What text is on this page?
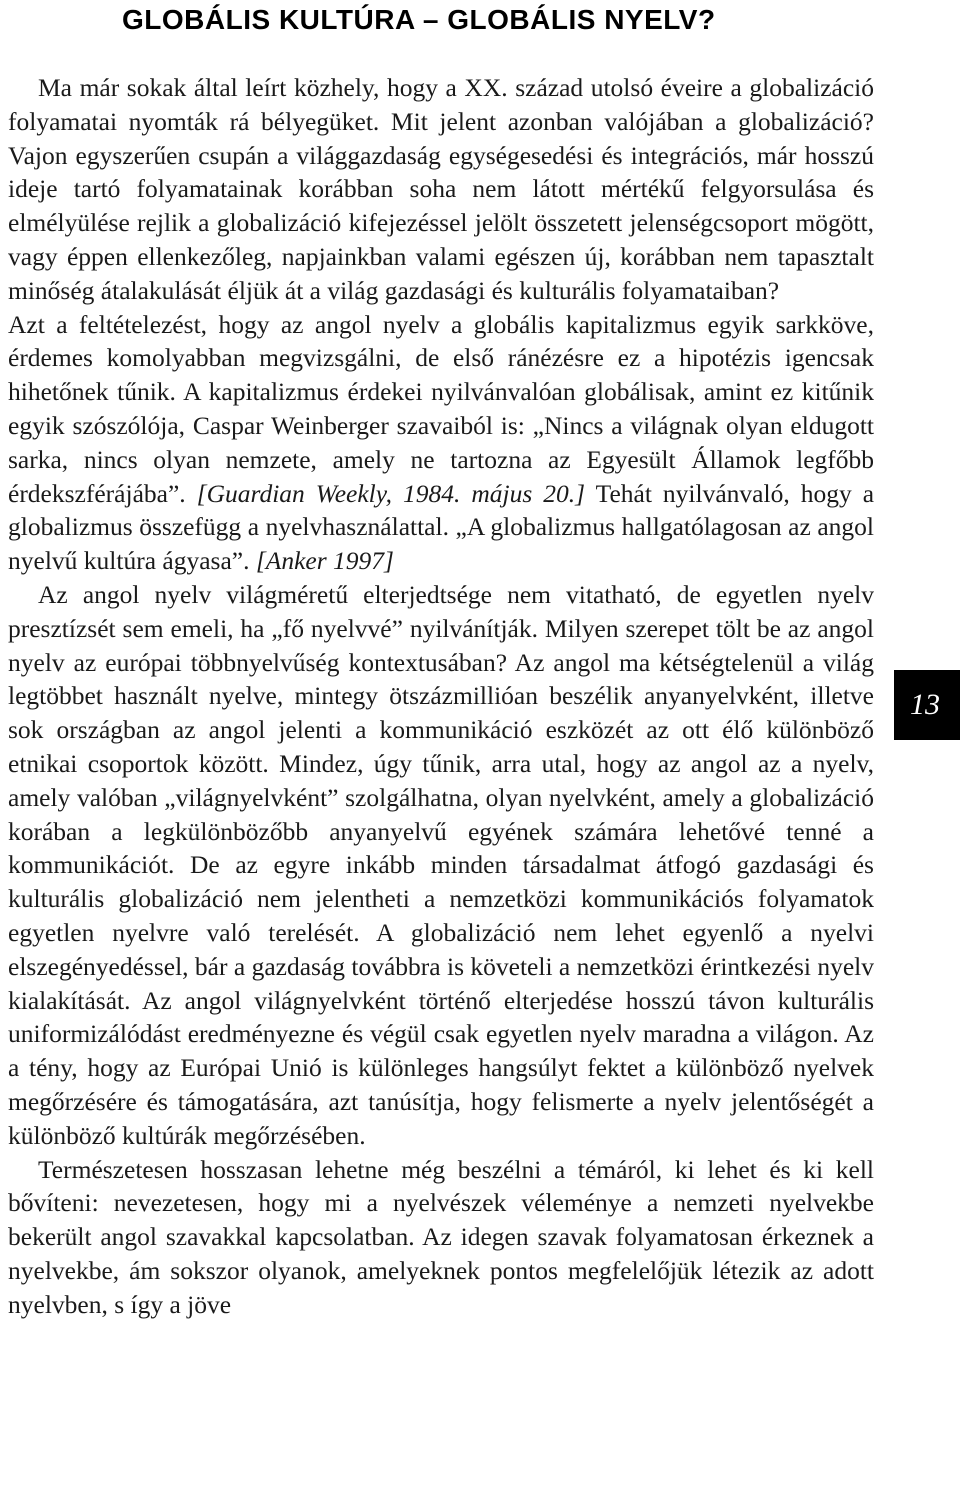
GLOBÁLIS KULTÚRA – GLOBÁLIS NYELV?

Ma már sokak által leírt közhely, hogy a XX. század utolsó éveire a globalizáció folyamatai nyomták rá bélyegüket. Mit jelent azonban valójában a globalizáció? Vajon egyszerűen csupán a világgazdaság egységesedési és integrációs, már hosszú ideje tartó folyamatainak korábban soha nem látott mértékű felgyorsulása és elmélyülése rejlik a globalizáció kifejezéssel jelölt összetett jelenségcsoport mögött, vagy éppen ellenkezőleg, napjainkban valami egészen új, korábban nem tapasztalt minőség átalakulását éljük át a világ gazdasági és kulturális folyamataiban?

Azt a feltételezést, hogy az angol nyelv a globális kapitalizmus egyik sarkköve, érdemes komolyabban megvizsgálni, de első ránézésre ez a hipotézis igencsak hihetőnek tűnik. A kapitalizmus érdekei nyilvánvalóan globálisak, amint ez kitűnik egyik szószólója, Caspar Weinberger szavaiból is: „Nincs a világnak olyan eldugott sarka, nincs olyan nemzete, amely ne tartozna az Egyesült Államok legfőbb érdekszférájába”. [Guardian Weekly, 1984. május 20.] Tehát nyilvánvaló, hogy a globalizmus összefügg a nyelvhasználattal. „A globalizmus hallgatólagosan az angol nyelvű kultúra ágyasa”. [Anker 1997]

Az angol nyelv világméretű elterjedtsége nem vitatható, de egyetlen nyelv presztízsét sem emeli, ha „fő nyelvvé” nyilvánítják. Milyen szerepet tölt be az angol nyelv az európai többnyelvűség kontextusában? Az angol ma kétségtelenül a világ legtöbbet használt nyelve, mintegy ötszázmillióan beszélik anyanyelvként, illetve sok országban az angol jelenti a kommunikáció eszközét az ott élő különböző etnikai csoportok között. Mindez, úgy tűnik, arra utal, hogy az angol az a nyelv, amely valóban „világnyelvként” szolgálhatna, olyan nyelvként, amely a globalizáció korában a legkülönbözőbb anyanyelvű egyének számára lehetővé tenné a kommunikációt. De az egyre inkább minden társadalmat átfogó gazdasági és kulturális globalizáció nem jelentheti a nemzetközi kommunikációs folyamatok egyetlen nyelvre való terelését. A globalizáció nem lehet egyenlő a nyelvi elszegényedéssel, bár a gazdaság továbbra is követeli a nemzetközi érintkezési nyelv kialakítását. Az angol világnyelvként történő elterjedése hosszú távon kulturális uniformizálódást eredményezne és végül csak egyetlen nyelv maradna a világon. Az a tény, hogy az Európai Unió is különleges hangsúlyt fektet a különböző nyelvek megőrzésére és támogatására, azt tanúsítja, hogy felismerte a nyelv jelentőségét a különböző kultúrák megőrzésében.

Természetesen hosszasan lehetne még beszélni a témáról, ki lehet és ki kell bővíteni: nevezetesen, hogy mi a nyelvészek véleménye a nemzeti nyelvekbe bekerült angol szavakkal kapcsolatban. Az idegen szavak folyamatosan érkeznek a nyelvekbe, ám sokszor olyanok, amelyeknek pontos megfelelőjük létezik az adott nyelvben, s így a jöve

13
